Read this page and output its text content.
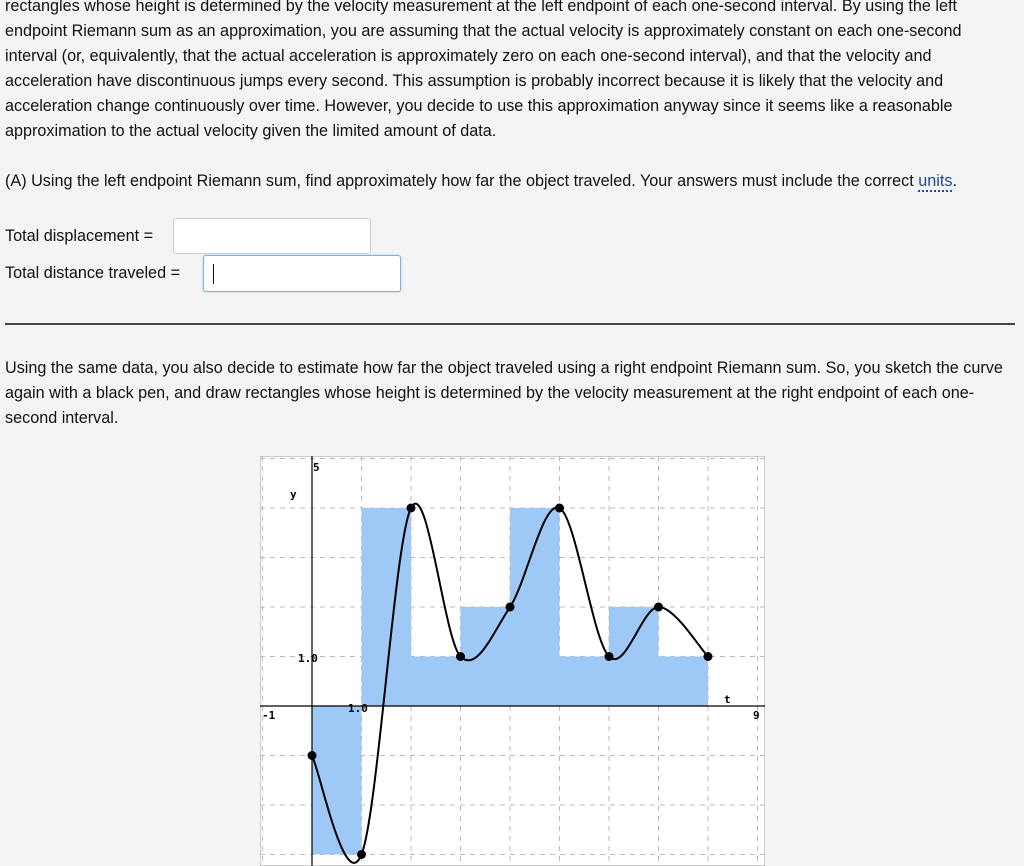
rectangles whose height is determined by the velocity measurement at the left endpoint of each one-second interval. By using the left endpoint Riemann sum as an approximation, you are assuming that the actual velocity is approximately constant on each one-second interval (or, equivalently, that the actual acceleration is approximately zero on each one-second interval), and that the velocity and acceleration have discontinuous jumps every second. This assumption is probably incorrect because it is likely that the velocity and acceleration change continuously over time. However, you decide to use this approximation anyway since it seems like a reasonable approximation to the actual velocity given the limited amount of data.

(A) Using the left endpoint Riemann sum, find approximately how far the object traveled. Your answers must include the correct units.

Total displacement =
Total distance traveled =

Using the same data, you also decide to estimate how far the object traveled using a right endpoint Riemann sum. So, you sketch the curve again with a black pen, and draw rectangles whose height is determined by the velocity measurement at the right endpoint of each one-second interval.

y
t
5
1.0
1.0
-1	9
